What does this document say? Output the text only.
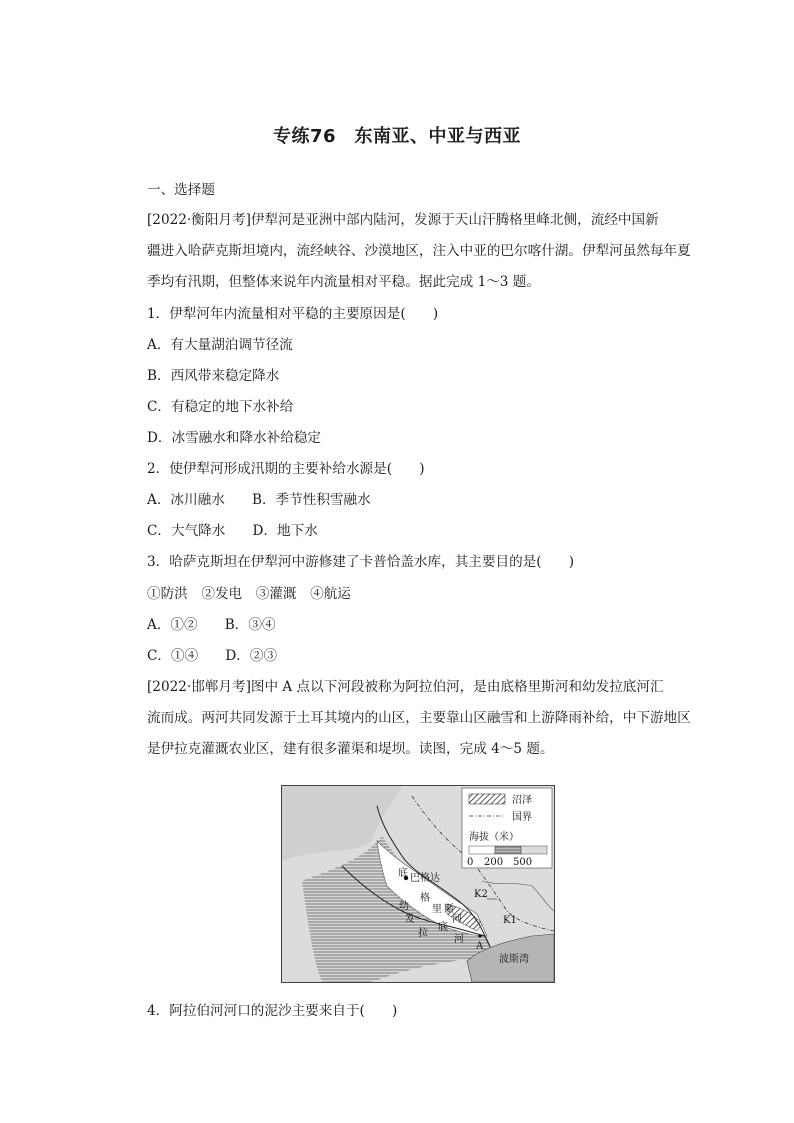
专练76　东南亚、中亚与西亚
一、选择题
[2022·衡阳月考]伊犁河是亚洲中部内陆河，发源于天山汗腾格里峰北侧，流经中国新
疆进入哈萨克斯坦境内，流经峡谷、沙漠地区，注入中亚的巴尔喀什湖。伊犁河虽然每年夏
季均有汛期，但整体来说年内流量相对平稳。据此完成 1～3 题。
1．伊犁河年内流量相对平稳的主要原因是(　　)
A．有大量湖泊调节径流
B．西风带来稳定降水
C．有稳定的地下水补给
D．冰雪融水和降水补给稳定
2．使伊犁河形成汛期的主要补给水源是(　　)
A．冰川融水　　B．季节性积雪融水
C．大气降水　　D．地下水
3．哈萨克斯坦在伊犁河中游修建了卡普恰盖水库，其主要目的是(　　)
①防洪　②发电　③灌溉　④航运
A．①②　　B．③④
C．①④　　D．②③
[2022·邯郸月考]图中 A 点以下河段被称为阿拉伯河，是由底格里斯河和幼发拉底河汇
流而成。两河共同发源于土耳其境内的山区，主要靠山区融雪和上游降雨补给，中下游地区
是伊拉克灌溉农业区，建有很多灌渠和堤坝。读图，完成 4～5 题。
巴格达
底
格
里 斯
河
幼
发
拉
底
河
A
K1
K2
波斯湾
沼泽
国界
海拔（米）
0 200 500
4．阿拉伯河河口的泥沙主要来自于(　　)
